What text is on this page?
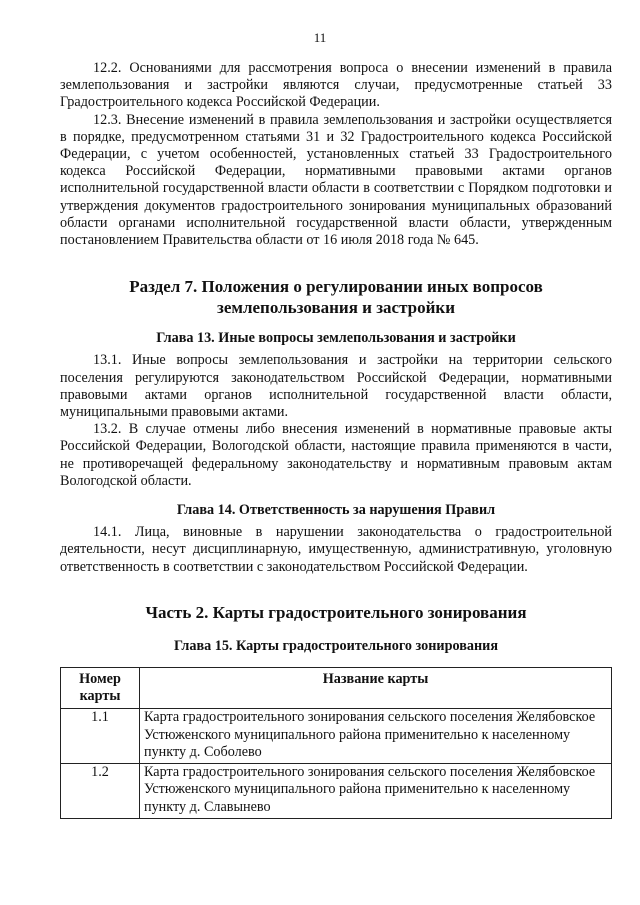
11

12.2. Основаниями для рассмотрения вопроса о внесении изменений в правила землепользования и застройки являются случаи, предусмотренные статьей 33 Градостроительного кодекса Российской Федерации.

12.3. Внесение изменений в правила землепользования и застройки осуществляется в порядке, предусмотренном статьями 31 и 32 Градостроительного кодекса Российской Федерации, с учетом особенностей, установленных статьей 33 Градостроительного кодекса Российской Федерации, нормативными правовыми актами органов исполнительной государственной власти области в соответствии с Порядком подготовки и утверждения документов градостроительного зонирования муниципальных образований области органами исполнительной государственной власти области, утвержденным постановлением Правительства области от 16 июля 2018 года № 645.

Раздел 7. Положения о регулировании иных вопросов
землепользования и застройки
Глава 13. Иные вопросы землепользования и застройки

13.1. Иные вопросы землепользования и застройки на территории сельского поселения регулируются законодательством Российской Федерации, нормативными правовыми актами органов исполнительной государственной власти области, муниципальными правовыми актами.

13.2. В случае отмены либо внесения изменений в нормативные правовые акты Российской Федерации, Вологодской области, настоящие правила применяются в части, не противоречащей федеральному законодательству и нормативным правовым актам Вологодской области.

Глава 14. Ответственность за нарушения Правил

14.1. Лица, виновные в нарушении законодательства о градостроительной деятельности, несут дисциплинарную, имущественную, административную, уголовную ответственность в соответствии с законодательством Российской Федерации.

Часть 2. Карты градостроительного зонирования
Глава 15. Карты градостроительного зонирования
Номер карты	Название карты
1.1	Карта градостроительного зонирования сельского поселения Желябовское Устюженского муниципального района применительно к населенному пункту д. Соболево
1.2	Карта градостроительного зонирования сельского поселения Желябовское Устюженского муниципального района применительно к населенному пункту д. Славынево
